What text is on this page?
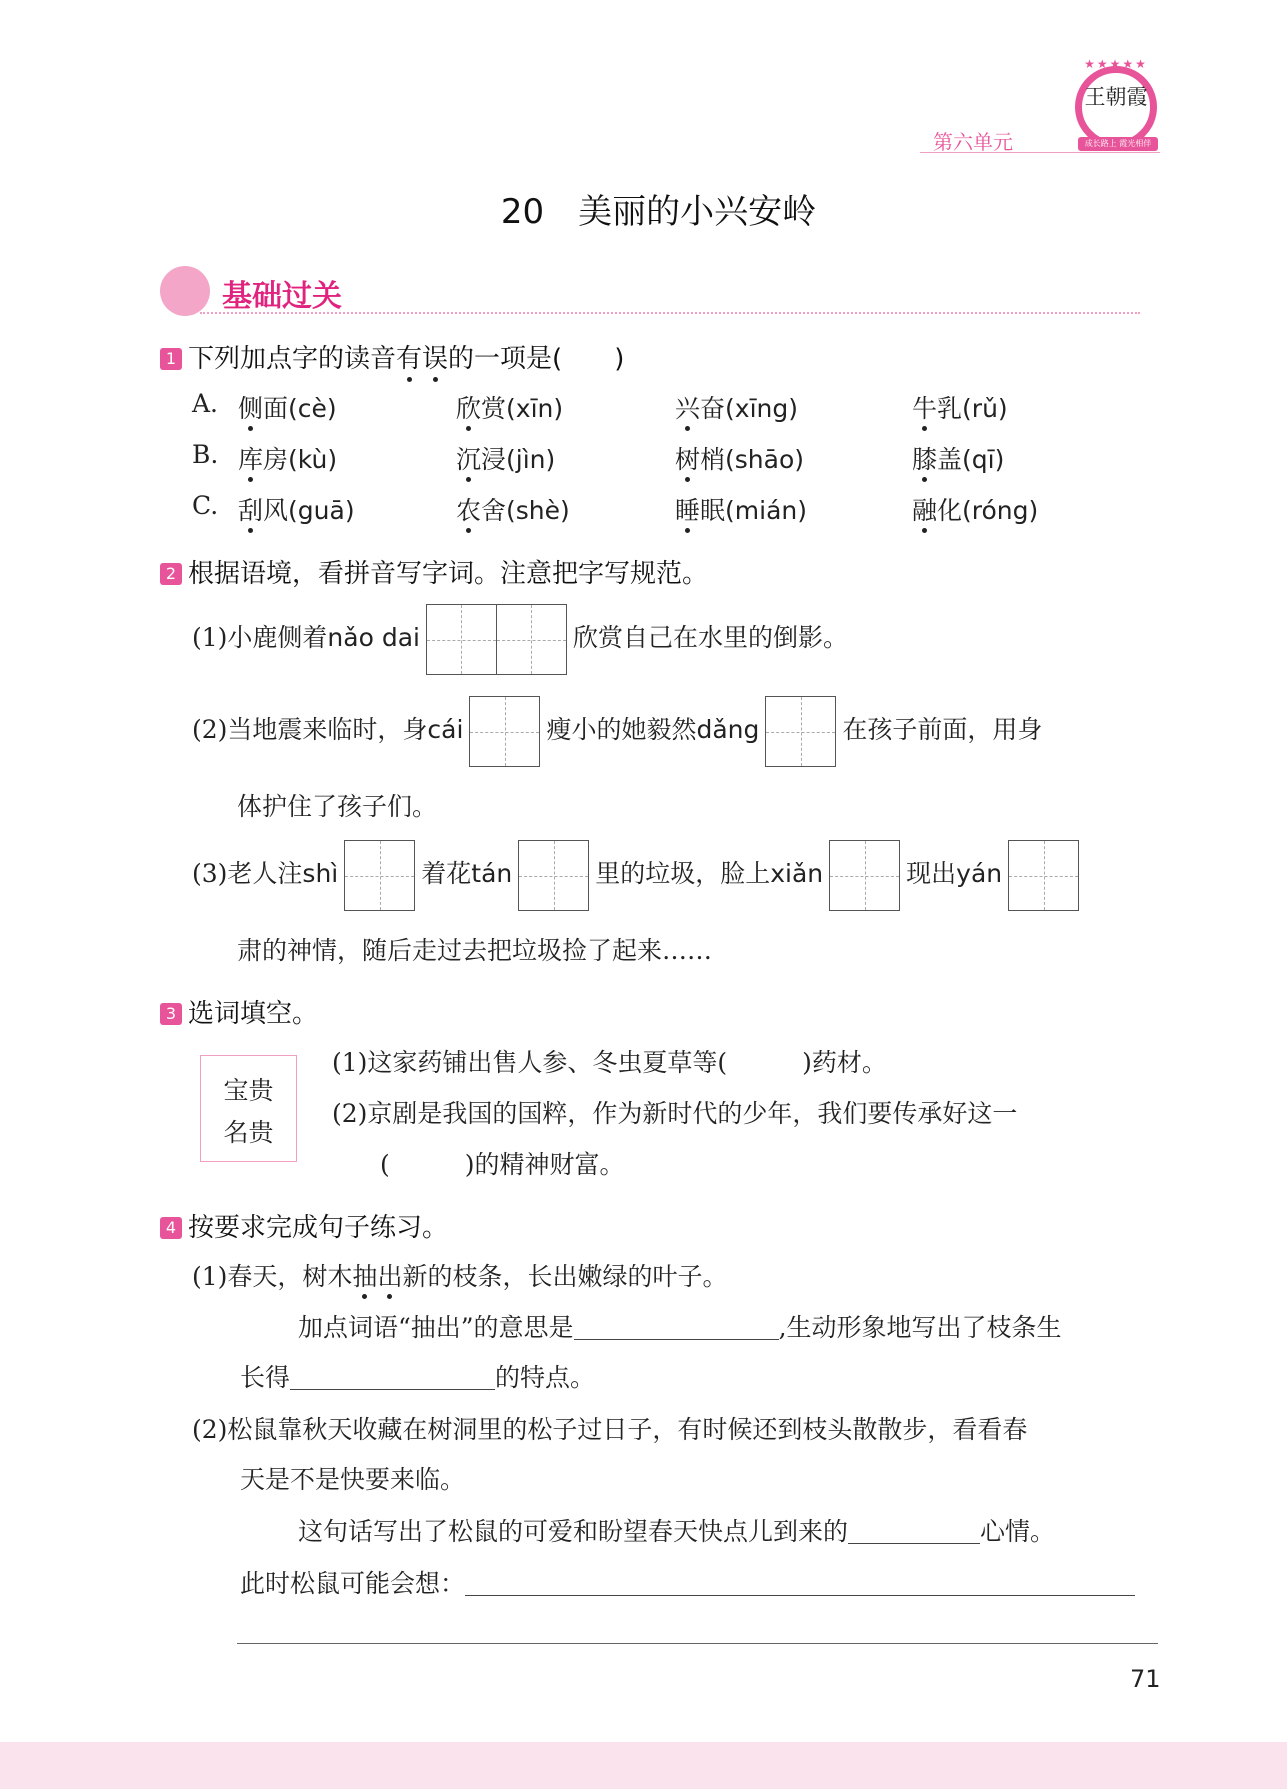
第六单元
★★★★★
王朝霞
成长路上 霞光相伴
20　美丽的小兴安岭
基础过关
1 下列加点字的读音有误的一项是(　　)
A. 侧面(cè)	欣赏(xīn)	兴奋(xīng)	牛乳(rǔ)
B. 库房(kù)	沉浸(jìn)	树梢(shāo)	膝盖(qī)
C. 刮风(guā)	农舍(shè)	睡眠(mián)	融化(róng)
2 根据语境，看拼音写字词。注意把字写规范。
(1)小鹿侧着nǎo dai	欣赏自己在水里的倒影。
(2)当地震来临时，身cái	瘦小的她毅然dǎng	在孩子前面，用身
体护住了孩子们。
(3)老人注shì	着花tán	里的垃圾，脸上xiǎn	现出yán
肃的神情，随后走过去把垃圾捡了起来……
3 选词填空。
宝贵
名贵
(1)这家药铺出售人参、冬虫夏草等(　　　)药材。
(2)京剧是我国的国粹，作为新时代的少年，我们要传承好这一
(　　　)的精神财富。
4 按要求完成句子练习。
(1)春天，树木抽出新的枝条，长出嫩绿的叶子。
加点词语“抽出”的意思是	,生动形象地写出了枝条生
长得	的特点。
(2)松鼠靠秋天收藏在树洞里的松子过日子，有时候还到枝头散散步，看看春
天是不是快要来临。
这句话写出了松鼠的可爱和盼望春天快点儿到来的	心情。
此时松鼠可能会想：
71
